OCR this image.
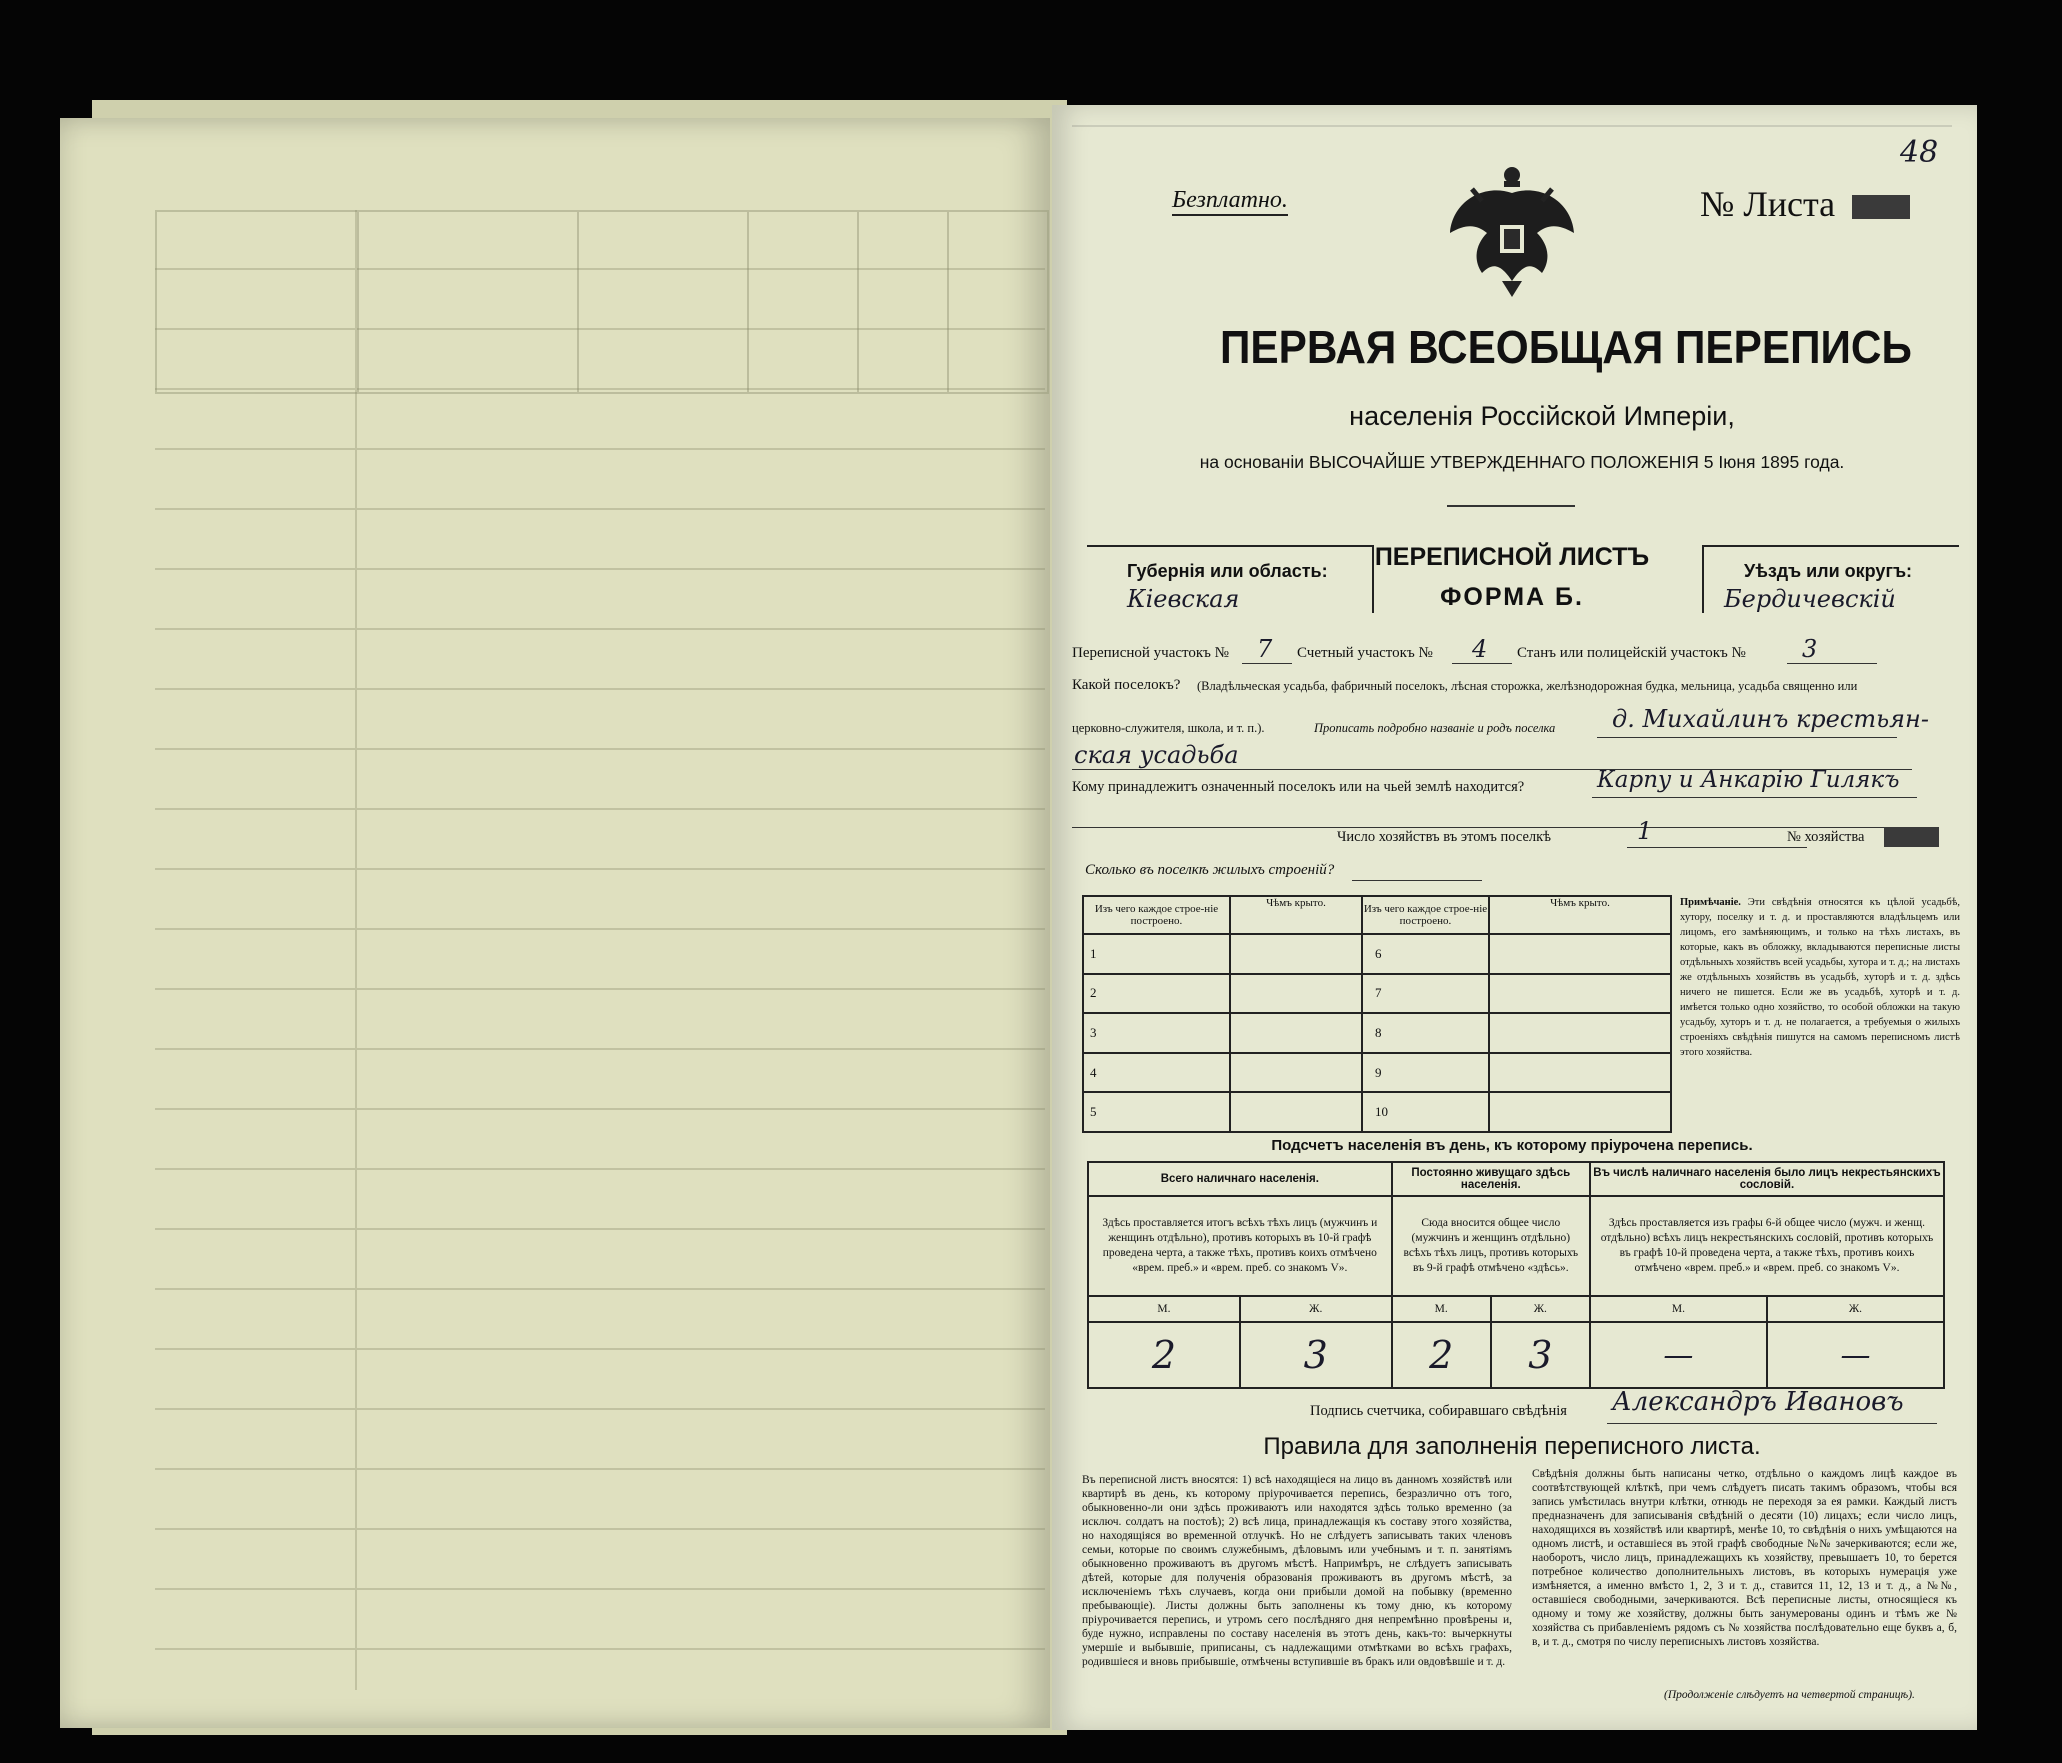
Безплатно.	№ Листа
48
ПЕРВАЯ ВСЕОБЩАЯ ПЕРЕПИСЬ
населенія Россійской Имперіи,
на основаніи ВЫСОЧАЙШЕ УТВЕРЖДЕННАГО ПОЛОЖЕНІЯ 5 Іюня 1895 года.
Губернія или область:
Кіевская
ПЕРЕПИСНОЙ ЛИСТЪ
ФОРМА Б.
Уѣздъ или округъ:
Бердичевскій
Переписной участокъ № 7 Счетный участокъ № 4 Станъ или полицейскій участокъ № 3
Какой поселокъ? (Владѣльческая усадьба, фабричный поселокъ, лѣсная сторожка, желѣзнодорожная будка, мельница, усадьба священно или
церковно-служителя, школа, и т. п.).	Прописать подробно названіе и родъ поселка д. Михайлинъ крестьян-
ская усадьба
Кому принадлежитъ означенный поселокъ или на чьей землѣ находится?	Карпу и Анкарію Гилякъ
Число хозяйствъ въ этомъ поселкѣ	1	№ хозяйства
Сколько въ поселкѣ жилыхъ строеній?
Изъ чего каждое строе-ніе построено.	Чѣмъ крыто.	Изъ чего каждое строе-ніе построено.	Чѣмъ крыто.
1		6	
2		7	
3		8	
4		9	
5		10	
Примѣчаніе. Эти свѣдѣнія относятся къ цѣлой усадьбѣ, хутору, поселку и т. д. и проставляются владѣльцемъ или лицомъ, его замѣняющимъ, и только на тѣхъ листахъ, въ которые, какъ въ обложку, вкладываются переписные листы отдѣльныхъ хозяйствъ всей усадьбы, хутора и т. д.; на листахъ же отдѣльныхъ хозяйствъ въ усадьбѣ, хуторѣ и т. д. здѣсь ничего не пишется. Если же въ усадьбѣ, хуторѣ и т. д. имѣется только одно хозяйство, то особой обложки на такую усадьбу, хуторъ и т. д. не полагается, а требуемыя о жилыхъ строеніяхъ свѣдѣнія пишутся на самомъ переписномъ листѣ этого хозяйства.
Подсчетъ населенія въ день, къ которому пріурочена перепись.
Всего наличнаго населенія.		Постоянно живущаго здѣсь населенія.		Въ числѣ наличнаго населенія было лицъ некрестьянскихъ сословій.	
Здѣсь проставляется итогъ всѣхъ тѣхъ лицъ (мужчинъ и женщинъ отдѣльно), противъ которыхъ въ 10-й графѣ проведена черта, а также тѣхъ, противъ коихъ отмѣчено «врем. преб.» и «врем. преб. со знакомъ V».		Сюда вносится общее число (мужчинъ и женщинъ отдѣльно) всѣхъ тѣхъ лицъ, противъ которыхъ въ 9-й графѣ отмѣчено «здѣсь».		Здѣсь проставляется изъ графы 6-й общее число (мужч. и женщ. отдѣльно) всѣхъ лицъ некрестьянскихъ сословій, противъ которыхъ въ графѣ 10-й проведена черта, а также тѣхъ, противъ коихъ отмѣчено «врем. преб.» и «врем. преб. со знакомъ V».	
М.	Ж.	М.	Ж.	М.	Ж.
2	3	2	3	—	—
Подпись счетчика, собиравшаго свѣдѣнія Александръ Ивановъ
Правила для заполненія переписного листа.
Въ переписной листъ вносятся: 1) всѣ находящіеся на лицо въ данномъ хозяйствѣ или квартирѣ въ день, къ которому пріурочивается перепись, безразлично отъ того, обыкновенно-ли они здѣсь проживаютъ или находятся здѣсь только временно (за исключ. солдатъ на постоѣ); 2) всѣ лица, принадлежащія къ составу этого хозяйства, но находящіяся во временной отлучкѣ. Но не слѣдуетъ записывать таких членовъ семьи, которые по своимъ служебнымъ, дѣловымъ или учебнымъ и т. п. занятіямъ обыкновенно проживаютъ въ другомъ мѣстѣ. Напримѣръ, не слѣдуетъ записывать дѣтей, которые для полученія образованія проживаютъ въ другомъ мѣстѣ, за исключеніемъ тѣхъ случаевъ, когда они прибыли домой на побывку (временно пребывающіе). Листы должны быть заполнены къ тому дню, къ которому пріурочивается перепись, и утромъ сего послѣдняго дня непремѣнно провѣрены и, буде нужно, исправлены по составу населенія въ этотъ день, какъ-то: вычеркнуты умершіе и выбывшіе, приписаны, съ надлежащими отмѣтками во всѣхъ графахъ, родившіеся и вновь прибывшіе, отмѣчены вступившіе въ бракъ или овдовѣвшіе и т. д.
Свѣдѣнія должны быть написаны четко, отдѣльно о каждомъ лицѣ каждое въ соотвѣтствующей клѣткѣ, при чемъ слѣдуетъ писать такимъ образомъ, чтобы вся запись умѣстилась внутри клѣтки, отнюдь не переходя за ея рамки. Каждый листъ предназначенъ для записыванія свѣдѣній о десяти (10) лицахъ; если число лицъ, находящихся въ хозяйствѣ или квартирѣ, менѣе 10, то свѣдѣнія о нихъ умѣщаются на одномъ листѣ, и оставшіеся въ этой графѣ свободные №№ зачеркиваются; если же, наоборотъ, число лицъ, принадлежащихъ къ хозяйству, превышаетъ 10, то берется потребное количество дополнительныхъ листовъ, въ которыхъ нумерація уже измѣняется, а именно вмѣсто 1, 2, 3 и т. д., ставится 11, 12, 13 и т. д., а №№, оставшіеся свободными, зачеркиваются. Всѣ переписные листы, относящіеся къ одному и тому же хозяйству, должны быть занумерованы одинъ и тѣмъ же № хозяйства съ прибавленіемъ рядомъ съ № хозяйства послѣдовательно еще буквъ а, б, в, и т. д., смотря по числу переписныхъ листовъ хозяйства.
(Продолженіе слѣдуетъ на четвертой страницѣ).
